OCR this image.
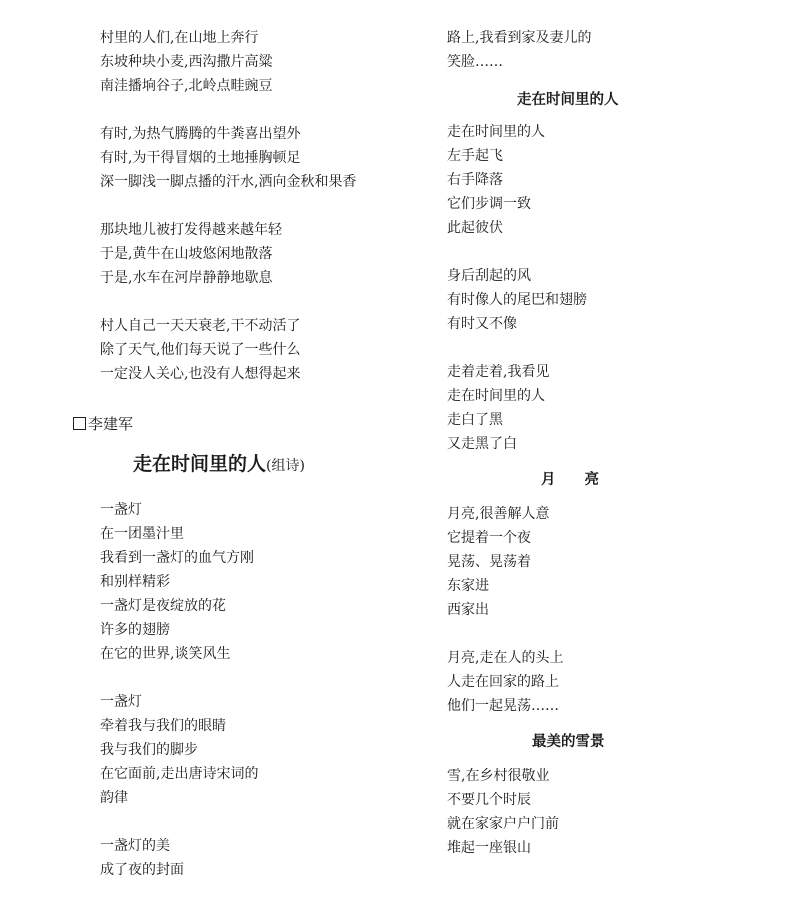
村里的人们,在山地上奔行
东坡种块小麦,西沟撒片高粱
南洼播垧谷子,北岭点畦豌豆
有时,为热气腾腾的牛粪喜出望外
有时,为干得冒烟的土地捶胸顿足
深一脚浅一脚点播的汗水,洒向金秋和果香
那块地儿被打发得越来越年轻
于是,黄牛在山坡悠闲地散落
于是,水车在河岸静静地歇息
村人自己一天天衰老,干不动活了
除了天气,他们每天说了一些什么
一定没人关心,也没有人想得起来
李建军
走在时间里的人(组诗)
一盏灯
在一团墨汁里
我看到一盏灯的血气方刚
和别样精彩
一盏灯是夜绽放的花
许多的翅膀
在它的世界,谈笑风生
一盏灯
牵着我与我们的眼睛
我与我们的脚步
在它面前,走出唐诗宋词的
韵律
一盏灯的美
成了夜的封面
路上,我看到家及妻儿的
笑脸……
走在时间里的人
左手起飞
右手降落
它们步调一致
此起彼伏
身后刮起的风
有时像人的尾巴和翅膀
有时又不像
走着走着,我看见
走在时间里的人
走白了黑
又走黑了白
月亮,很善解人意
它提着一个夜
晃荡、晃荡着
东家进
西家出
月亮,走在人的头上
人走在回家的路上
他们一起晃荡……
雪,在乡村很敬业
不要几个时辰
就在家家户户门前
堆起一座银山
走在时间里的人
月　　亮
最美的雪景
